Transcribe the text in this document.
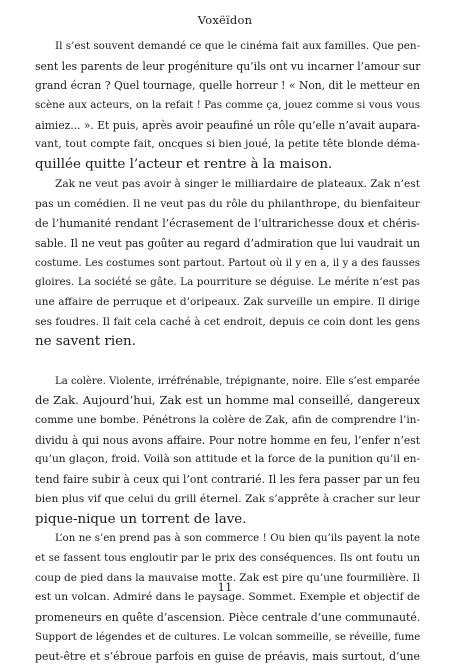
Voxëïdon
Il s’est souvent demandé ce que le cinéma fait aux familles. Que pen-
sent les parents de leur progéniture qu’ils ont vu incarner l’amour sur
grand écran ? Quel tournage, quelle horreur ! « Non, dit le metteur en
scène aux acteurs, on la refait ! Pas comme ça, jouez comme si vous vous
aimiez... ». Et puis, après avoir peaufiné un rôle qu’elle n’avait aupara-
vant, tout compte fait, oncques si bien joué, la petite tête blonde déma-
quillée quitte l’acteur et rentre à la maison.
Zak ne veut pas avoir à singer le milliardaire de plateaux. Zak n’est
pas un comédien. Il ne veut pas du rôle du philanthrope, du bienfaiteur
de l’humanité rendant l’écrasement de l’ultrarichesse doux et chéris-
sable. Il ne veut pas goûter au regard d’admiration que lui vaudrait un
costume. Les costumes sont partout. Partout où il y en a, il y a des fausses
gloires. La société se gâte. La pourriture se déguise. Le mérite n’est pas
une affaire de perruque et d’oripeaux. Zak surveille un empire. Il dirige
ses foudres. Il fait cela caché à cet endroit, depuis ce coin dont les gens
ne savent rien.
La colère. Violente, irréfrénable, trépignante, noire. Elle s’est emparée
de Zak. Aujourd’hui, Zak est un homme mal conseillé, dangereux
comme une bombe. Pénétrons la colère de Zak, afin de comprendre l’in-
dividu à qui nous avons affaire. Pour notre homme en feu, l’enfer n’est
qu’un glaçon, froid. Voilà son attitude et la force de la punition qu’il en-
tend faire subir à ceux qui l’ont contrarié. Il les fera passer par un feu
bien plus vif que celui du grill éternel. Zak s’apprête à cracher sur leur
pique-nique un torrent de lave.
L’on ne s’en prend pas à son commerce ! Ou bien qu’ils payent la note
et se fassent tous engloutir par le prix des conséquences. Ils ont foutu un
coup de pied dans la mauvaise motte. Zak est pire qu’une fourmilière. Il
est un volcan. Admiré dans le paysage. Sommet. Exemple et objectif de
promeneurs en quête d’ascension. Pièce centrale d’une communauté.
Support de légendes et de cultures. Le volcan sommeille, se réveille, fume
peut-être et s’ébroue parfois en guise de préavis, mais surtout, d’une
11
